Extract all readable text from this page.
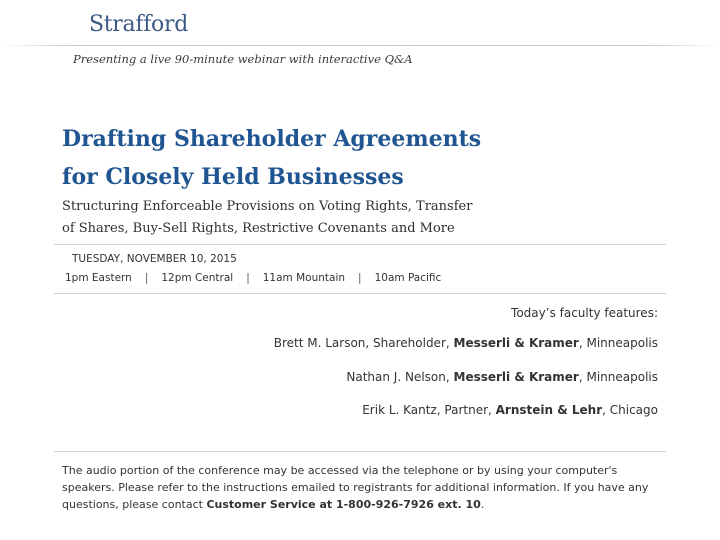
Strafford
Presenting a live 90-minute webinar with interactive Q&A
Drafting Shareholder Agreements
for Closely Held Businesses

Structuring Enforceable Provisions on Voting Rights, Transfer
of Shares, Buy-Sell Rights, Restrictive Covenants and More

TUESDAY, NOVEMBER 10, 2015
1pm Eastern | 12pm Central | 11am Mountain | 10am Pacific
Today’s faculty features:
Brett M. Larson, Shareholder, Messerli & Kramer, Minneapolis
Nathan J. Nelson, Messerli & Kramer, Minneapolis
Erik L. Kantz, Partner, Arnstein & Lehr, Chicago

The audio portion of the conference may be accessed via the telephone or by using your computer's speakers. Please refer to the instructions emailed to registrants for additional information. If you have any questions, please contact Customer Service at 1-800-926-7926 ext. 10.
